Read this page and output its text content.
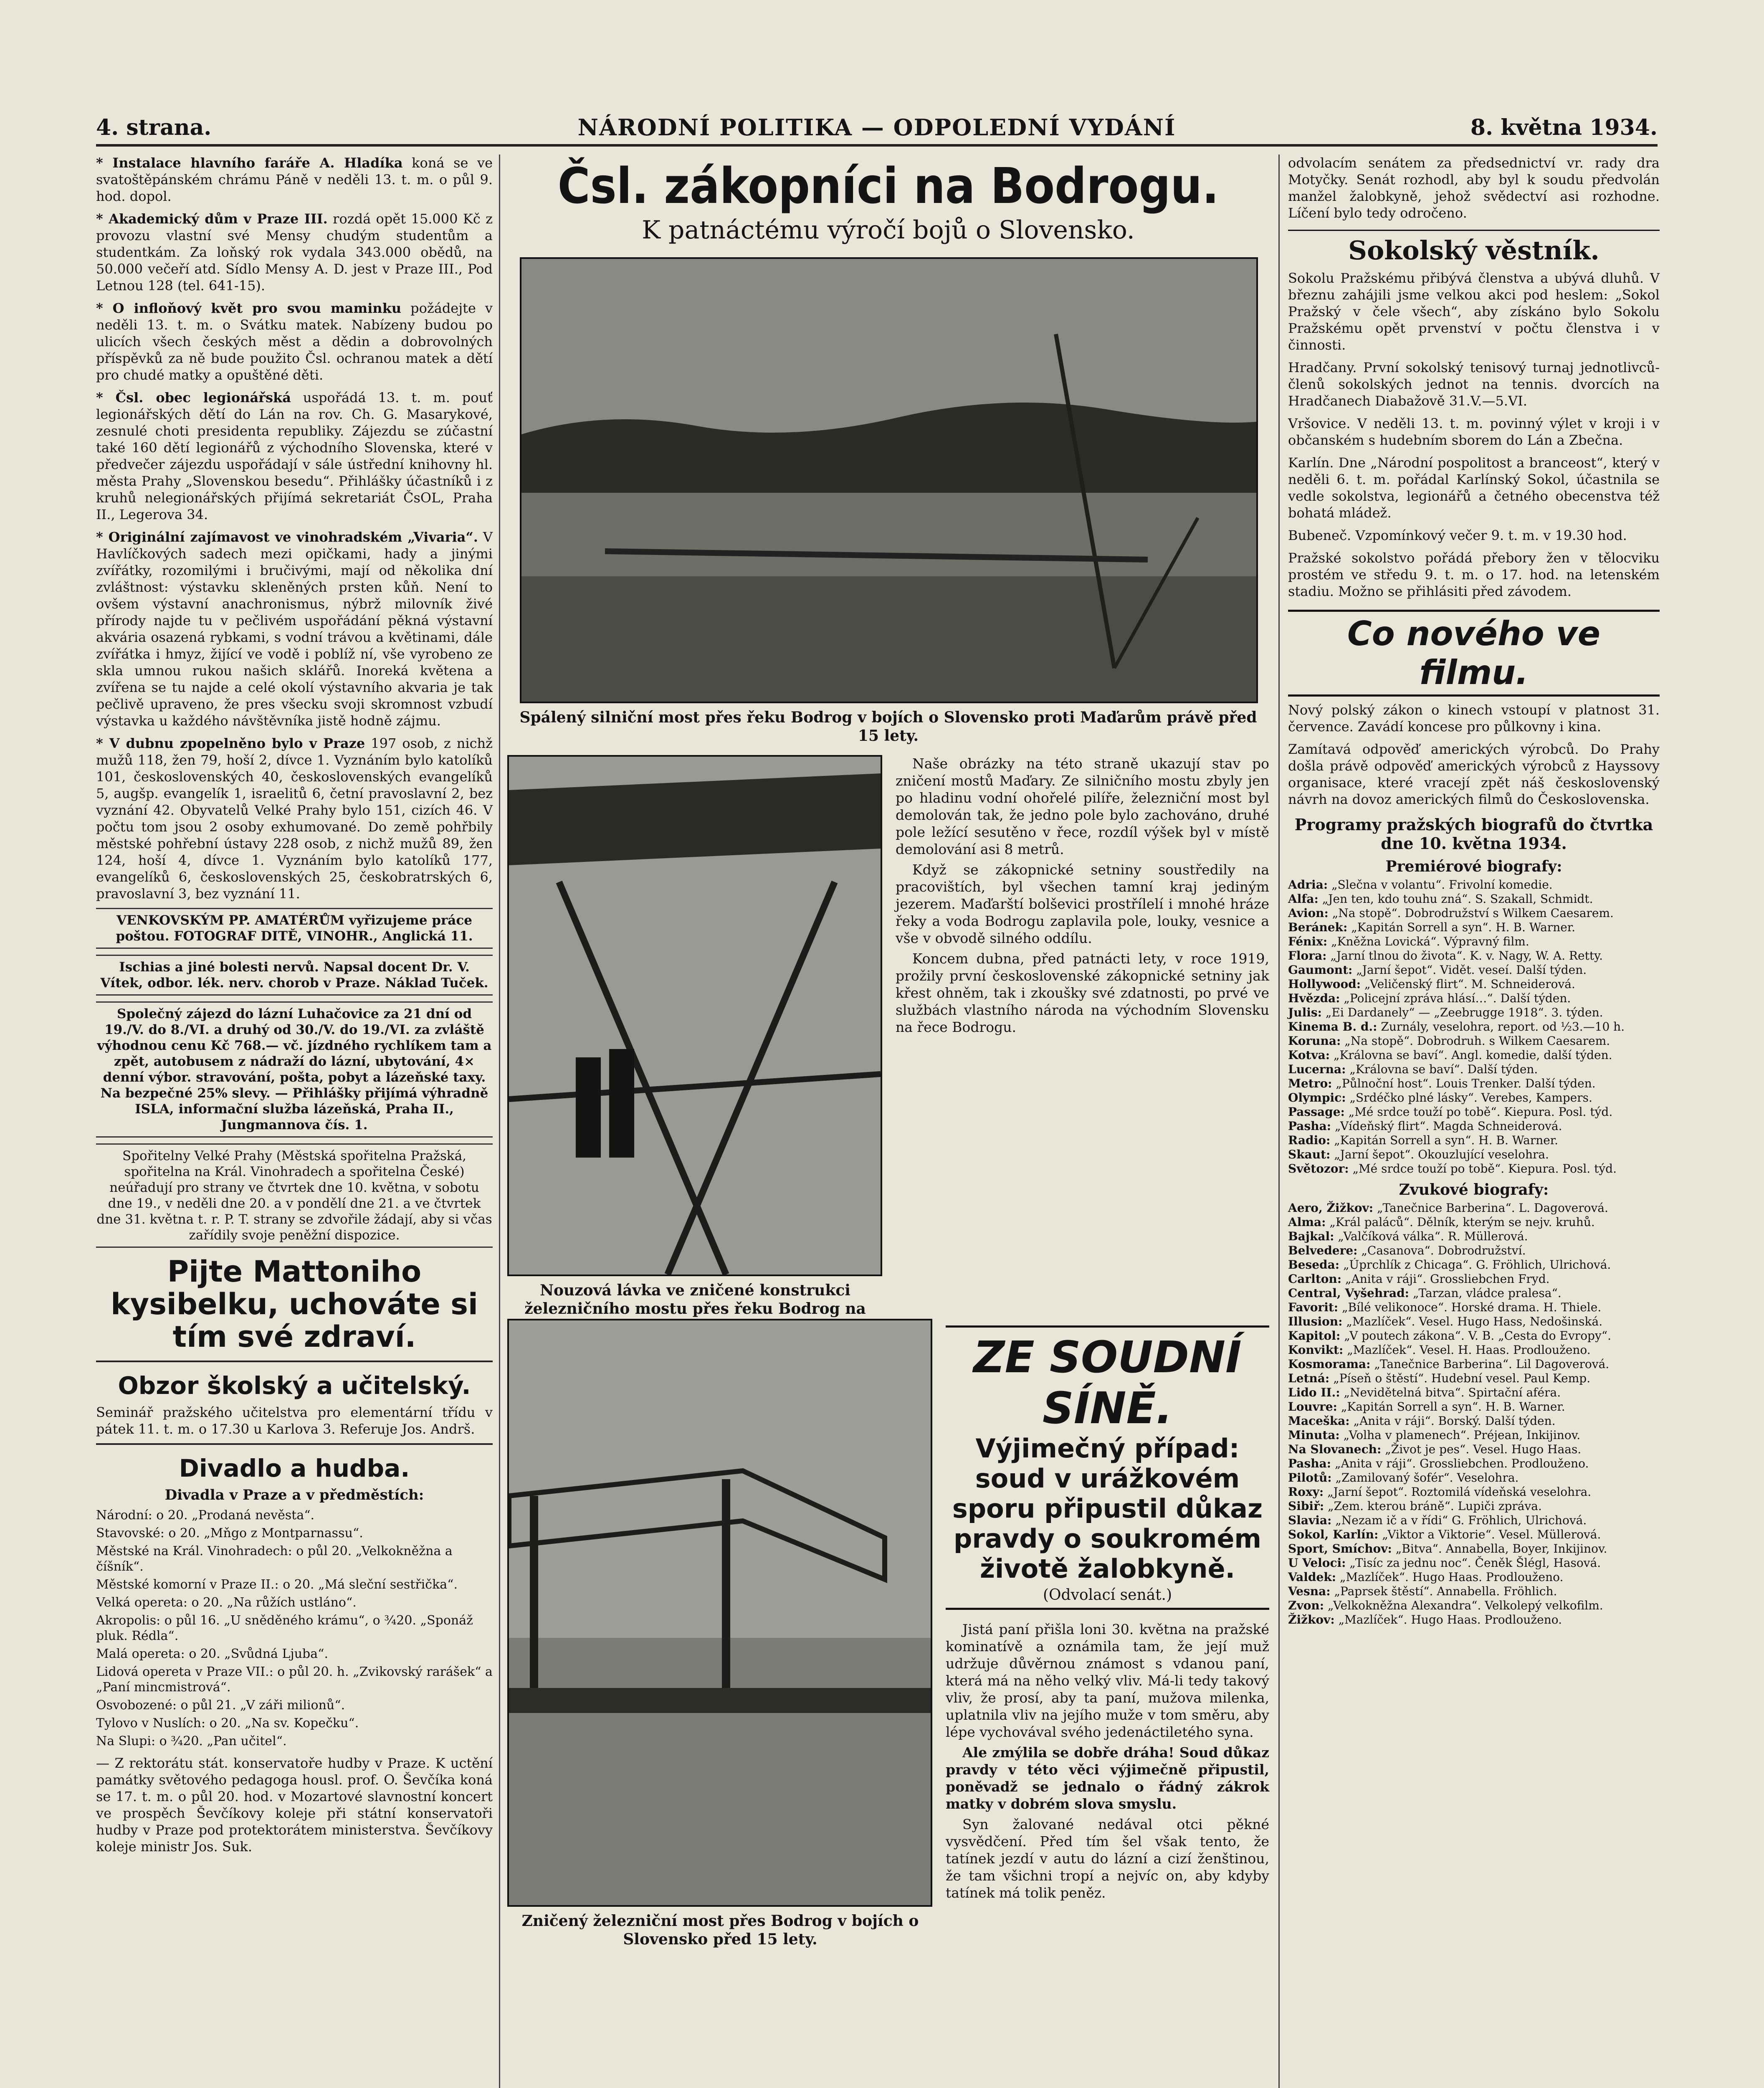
4. strana.	NÁRODNÍ POLITIKA — ODPOLEDNÍ VYDÁNÍ	8. května 1934.
* Instalace hlavního faráře A. Hladíka koná se ve svatoštěpánském chrámu Páně v neděli 13. t. m. o půl 9. hod. dopol.
* Akademický dům v Praze III. rozdá opět 15.000 Kč z provozu vlastní své Mensy chudým studentům a studentkám. Za loňský rok vydala 343.000 obědů, na 50.000 večeří atd. Sídlo Mensy A. D. jest v Praze III., Pod Letnou 128 (tel. 641-15).
* O infloňový květ pro svou maminku požádejte v neděli 13. t. m. o Svátku matek. Nabízeny budou po ulicích všech českých měst a dědin a dobrovolných příspěvků za ně bude použito Čsl. ochranou matek a dětí pro chudé matky a opuštěné děti.
* Čsl. obec legionářská uspořádá 13. t. m. pouť legionářských dětí do Lán na rov. Ch. G. Masarykové, zesnulé choti presidenta republiky. Zájezdu se zúčastní také 160 dětí legionářů z východního Slovenska, které v předvečer zájezdu uspořádají v sále ústřední knihovny hl. města Prahy „Slovenskou besedu“. Přihlášky účastníků i z kruhů nelegionářských přijímá sekretariát ČsOL, Praha II., Legerova 34.
* Originální zajímavost ve vinohradském „Vivaria“. V Havlíčkových sadech mezi opičkami, hady a jinými zvířátky, rozomilými i bručivými, mají od několika dní zvláštnost: výstavku skleněných prsten kůň. Není to ovšem výstavní anachronismus, nýbrž milovník živé přírody najde tu v pečlivém uspořádání pěkná výstavní akvária osazená rybkami, s vodní trávou a květinami, dále zvířátka i hmyz, žijící ve vodě i poblíž ní, vše vyrobeno ze skla umnou rukou našich sklářů. Inoreká květena a zvířena se tu najde a celé okolí výstavního akvaria je tak pečlivě upraveno, že pres všecku svoji skromnost vzbudí výstavka u každého návštěvníka jistě hodně zájmu.
* V dubnu zpopelněno bylo v Praze 197 osob, z nichž mužů 118, žen 79, hoší 2, dívce 1. Vyznáním bylo katolíků 101, československých 40, československých evangelíků 5, augšp. evangelík 1, israelitů 6, četní pravoslavní 2, bez vyznání 42. Obyvatelů Velké Prahy bylo 151, cizích 46. V počtu tom jsou 2 osoby exhumované. Do země pohřbily městské pohřební ústavy 228 osob, z nichž mužů 89, žen 124, hoší 4, dívce 1. Vyznáním bylo katolíků 177, evangelíků 6, československých 25, českobratrských 6, pravoslavní 3, bez vyznání 11.
VENKOVSKÝM PP. AMATÉRŮM vyřizujeme práce poštou. FOTOGRAF DITĚ, VINOHR., Anglická 11.
Ischias a jiné bolesti nervů. Napsal docent Dr. V. Vítek, odbor. lék. nerv. chorob v Praze. Náklad Tuček.
Společný zájezd do lázní Luhačovice za 21 dní od 19./V. do 8./VI. a druhý od 30./V. do 19./VI. za zvláště výhodnou cenu Kč 768.— vč. jízdného rychlíkem tam a zpět, autobusem z nádraží do lázní, ubytování, 4× denní výbor. stravování, pošta, pobyt a lázeňské taxy. Na bezpečné 25% slevy. — Přihlášky přijímá výhradně ISLA, informační služba lázeňská, Praha II., Jungmannova čís. 1.
Spořitelny Velké Prahy (Městská spořitelna Pražská, spořitelna na Král. Vinohradech a spořitelna České) neúřadují pro strany ve čtvrtek dne 10. května, v sobotu dne 19., v neděli dne 20. a v pondělí dne 21. a ve čtvrtek dne 31. května t. r. P. T. strany se zdvořile žádají, aby si včas zařídily svoje peněžní dispozice.
Pijte Mattoniho kysibelku, uchováte si tím své zdraví.
Obzor školský a učitelský.
Seminář pražského učitelstva pro elementární třídu v pátek 11. t. m. o 17.30 u Karlova 3. Referuje Jos. Andrš.
Divadlo a hudba.
Divadla v Praze a v předměstích:
Národní: o 20. „Prodaná nevěsta“.
Stavovské: o 20. „Mňgo z Montparnassu“.
Městské na Král. Vinohradech: o půl 20. „Velkokněžna a číšník“.
Městské komorní v Praze II.: o 20. „Má sleční sestřička“.
Velká opereta: o 20. „Na růžích ustláno“.
Akropolis: o půl 16. „U sněděného krámu“, o ¾20. „Sponáž pluk. Rédla“.
Malá opereta: o 20. „Svůdná Ljuba“.
Lidová opereta v Praze VII.: o půl 20. h. „Zvikovský rarášek“ a „Paní mincmistrová“.
Osvobozené: o půl 21. „V záři milionů“.
Tylovo v Nuslích: o 20. „Na sv. Kopečku“.
Na Slupi: o ¾20. „Pan učitel“.
— Z rektorátu stát. konservatoře hudby v Praze. K uctění památky světového pedagoga housl. prof. O. Ševčíka koná se 17. t. m. o půl 20. hod. v Mozartové slavnostní koncert ve prospěch Ševčíkovy koleje při státní konservatoři hudby v Praze pod protektorátem ministerstva. Ševčíkovy koleje ministr Jos. Suk.
Čsl. zákopníci na Bodrogu.
K patnáctému výročí bojů o Slovensko.
Spálený silniční most přes řeku Bodrog v bojích o Slovensko proti Maďarům právě před 15 lety.
Nouzová lávka ve zničené konstrukci železničního mostu přes řeku Bodrog na

Naše obrázky na této straně ukazují stav po zničení mostů Maďary. Ze silničního mostu zbyly jen po hladinu vodní ohořelé pilíře, železniční most byl demolován tak, že jedno pole bylo zachováno, druhé pole ležící sesutěno v řece, rozdíl výšek byl v místě demolování asi 8 metrů.

Když se zákopnické setniny soustředily na pracovištích, byl všechen tamní kraj jediným jezerem. Maďarští bolševici prostřílelí i mnohé hráze řeky a voda Bodrogu zaplavila pole, louky, vesnice a vše v obvodě silného oddílu.

Koncem dubna, před patnácti lety, v roce 1919, prožily první československé zákopnické setniny jak křest ohněm, tak i zkoušky své zdatnosti, po prvé ve službách vlastního národa na východním Slovensku na řece Bodrogu.

Zničený železniční most přes Bodrog v bojích o Slovensko před 15 lety.
ZE SOUDNÍ SÍNĚ.
Výjimečný případ: soud v urážkovém sporu připustil důkaz pravdy o soukromém životě žalobkyně.
(Odvolací senát.)

Jistá paní přišla loni 30. května na pražské kominatívě a oznámila tam, že její muž udržuje důvěrnou známost s vdanou paní, která má na něho velký vliv. Má-li tedy takový vliv, že prosí, aby ta paní, mužova milenka, uplatnila vliv na jejího muže v tom směru, aby lépe vychovával svého jedenáctiletého syna.

Ale zmýlila se dobře dráha! Soud důkaz pravdy v této věci výjimečně připustil, poněvadž se jednalo o řádný zákrok matky v dobrém slova smyslu.

Syn žalované nedával otci pěkné vysvědčení. Před tím šel však tento, že tatínek jezdí v autu do lázní a cizí ženštinou, že tam všichni tropí a nejvíc on, aby kdyby tatínek má tolik peněz.

odvolacím senátem za předsednictví vr. rady dra Motyčky. Senát rozhodl, aby byl k soudu předvolán manžel žalobkyně, jehož svědectví asi rozhodne. Líčení bylo tedy odročeno.
Sokolský věstník.
Sokolu Pražskému přibývá členstva a ubývá dluhů. V březnu zahájili jsme velkou akci pod heslem: „Sokol Pražský v čele všech“, aby získáno bylo Sokolu Pražskému opět prvenství v počtu členstva i v činnosti.
Hradčany. První sokolský tenisový turnaj jednotlivců-členů sokolských jednot na tennis. dvorcích na Hradčanech Diabažově 31.V.—5.VI.
Vršovice. V neděli 13. t. m. povinný výlet v kroji i v občanském s hudebním sborem do Lán a Zbečna.
Karlín. Dne „Národní pospolitost a branceost“, který v neděli 6. t. m. pořádal Karlínský Sokol, účastnila se vedle sokolstva, legionářů a četného obecenstva též bohatá mládež.
Bubeneč. Vzpomínkový večer 9. t. m. v 19.30 hod.
Pražské sokolstvo pořádá přebory žen v tělocviku prostém ve středu 9. t. m. o 17. hod. na letenském stadiu. Možno se přihlásiti před závodem.
Co nového ve filmu.
Nový polský zákon o kinech vstoupí v platnost 31. července. Zavádí koncese pro půlkovny i kina.
Zamítavá odpověď amerických výrobců. Do Prahy došla právě odpověď amerických výrobců z Hayssovy organisace, které vracejí zpět náš československý návrh na dovoz amerických filmů do Československa.
Programy pražských biografů do čtvrtka dne 10. května 1934.
Premiérové biografy:

Adria: „Slečna v volantu“. Frivolní komedie.

Alfa: „Jen ten, kdo touhu zná“. S. Szakall, Schmidt.

Avion: „Na stopě“. Dobrodružství s Wilkem Caesarem.

Beránek: „Kapitán Sorrell a syn“. H. B. Warner.

Fénix: „Kněžna Lovická“. Výpravný film.

Flora: „Jarní tlnou do života“. K. v. Nagy, W. A. Retty.

Gaumont: „Jarní šepot“. Vidět. veseí. Další týden.

Hollywood: „Veličenský flirt“. M. Schneiderová.

Hvězda: „Policejní zpráva hlásí…“. Další týden.

Julis: „Ei Dardanely“ — „Zeebrugge 1918“. 3. týden.

Kinema B. d.: Zurnály, veselohra, report. od ½3.—10 h.

Koruna: „Na stopě“. Dobrodruh. s Wilkem Caesarem.

Kotva: „Královna se baví“. Angl. komedie, další týden.

Lucerna: „Královna se baví“. Další týden.

Metro: „Půlnoční host“. Louis Trenker. Další týden.

Olympic: „Srdéčko plné lásky“. Verebes, Kampers.

Passage: „Mé srdce touží po tobě“. Kiepura. Posl. týd.

Pasha: „Vídeňský flirt“. Magda Schneiderová.

Radio: „Kapitán Sorrell a syn“. H. B. Warner.

Skaut: „Jarní šepot“. Okouzlující veselohra.

Světozor: „Mé srdce touží po tobě“. Kiepura. Posl. týd.

Zvukové biografy:

Aero, Žižkov: „Tanečnice Barberina“. L. Dagoverová.

Alma: „Král paláců“. Dělník, kterým se nejv. kruhů.

Bajkal: „Valčíková válka“. R. Müllerová.

Belvedere: „Casanova“. Dobrodružství.

Beseda: „Úprchlík z Chicaga“. G. Fröhlich, Ulrichová.

Carlton: „Anita v ráji“. Grossliebchen Fryd.

Central, Vyšehrad: „Tarzan, vládce pralesa“.

Favorit: „Bílé velikonoce“. Horské drama. H. Thiele.

Illusion: „Mazlíček“. Vesel. Hugo Hass, Nedošinská.

Kapitol: „V poutech zákona“. V. B. „Cesta do Evropy“.

Konvikt: „Mazlíček“. Vesel. H. Haas. Prodlouženo.

Kosmorama: „Tanečnice Barberina“. Lil Dagoverová.

Letná: „Píseň o štěstí“. Hudební vesel. Paul Kemp.

Lido II.: „Nevidětelná bitva“. Spirtační aféra.

Louvre: „Kapitán Sorrell a syn“. H. B. Warner.

Maceška: „Anita v ráji“. Borský. Další týden.

Minuta: „Volha v plamenech“. Préjean, Inkijinov.

Na Slovanech: „Život je pes“. Vesel. Hugo Haas.

Pasha: „Anita v ráji“. Grossliebchen. Prodlouženo.

Pilotů: „Zamilovaný šofér“. Veselohra.

Roxy: „Jarní šepot“. Roztomilá vídeňská veselohra.

Sibiř: „Zem. kterou bráně“. Lupiči zpráva.

Slavia: „Nezam ič a v řídi“ G. Fröhlich, Ulrichová.

Sokol, Karlín: „Viktor a Viktorie“. Vesel. Müllerová.

Sport, Smíchov: „Bitva“. Annabella, Boyer, Inkijinov.

U Veloci: „Tisíc za jednu noc“. Čeněk Šlégl, Hasová.

Valdek: „Mazlíček“. Hugo Haas. Prodlouženo.

Vesna: „Paprsek štěstí“. Annabella. Fröhlich.

Zvon: „Velkokněžna Alexandra“. Velkolepý velkofilm.

Žižkov: „Mazlíček“. Hugo Haas. Prodlouženo.
